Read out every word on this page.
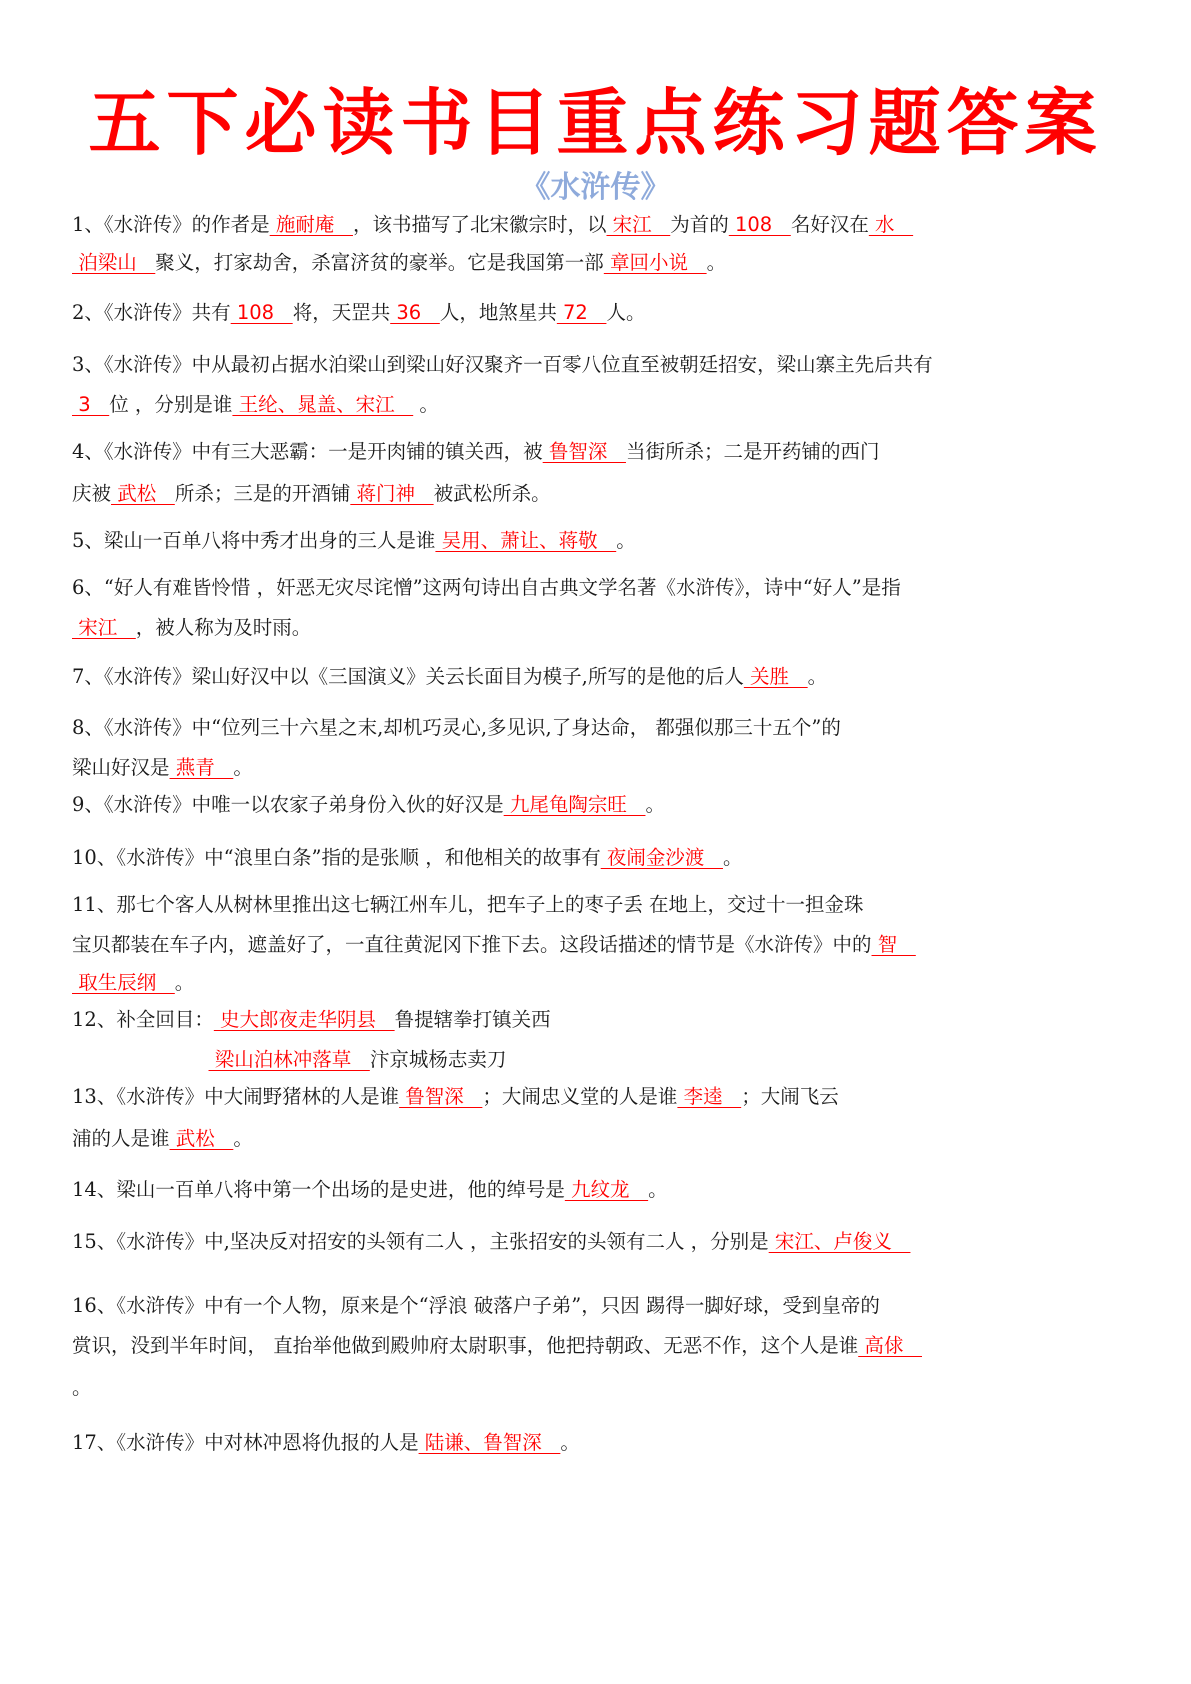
五下必读书目重点练习题答案
《水浒传》
1、《水浒传》的作者是 施耐庵   ，该书描写了北宋徽宗时，以 宋江   为首的 108   名好汉在 水
泊梁山   聚义，打家劫舍，杀富济贫的豪举。它是我国第一部 章回小说   。
2、《水浒传》共有 108   将，天罡共 36   人，地煞星共 72   人。
3、《水浒传》中从最初占据水泊梁山到梁山好汉聚齐一百零八位直至被朝廷招安，梁山寨主先后共有
3   位 ，分别是谁 王纶、晁盖、宋江    。
4、《水浒传》中有三大恶霸：一是开肉铺的镇关西，被 鲁智深   当街所杀；二是开药铺的西门
庆被 武松   所杀；三是的开酒铺 蒋门神   被武松所杀。
5、梁山一百单八将中秀才出身的三人是谁 吴用、萧让、蒋敬   。
6、“好人有难皆怜惜 ，奸恶无灾尽诧憎”这两句诗出自古典文学名著《水浒传》，诗中“好人”是指
宋江   ，被人称为及时雨。
7、《水浒传》梁山好汉中以《三国演义》关云长面目为模子,所写的是他的后人 关胜   。
8、《水浒传》中“位列三十六星之末,却机巧灵心,多见识,了身达命， 都强似那三十五个”的
梁山好汉是 燕青   。
9、《水浒传》中唯一以农家子弟身份入伙的好汉是 九尾龟陶宗旺   。
10、《水浒传》中“浪里白条”指的是张顺 ，和他相关的故事有 夜闹金沙渡   。
11、那七个客人从树林里推出这七辆江州车儿，把车子上的枣子丢 在地上，交过十一担金珠
宝贝都装在车子内，遮盖好了，一直往黄泥冈下推下去。这段话描述的情节是《水浒传》中的 智
取生辰纲   。
12、补全回目： 史大郎夜走华阴县   鲁提辖拳打镇关西
　　　　　　　 梁山泊林冲落草   汴京城杨志卖刀
13、《水浒传》中大闹野猪林的人是谁 鲁智深   ；大闹忠义堂的人是谁 李逵   ；大闹飞云
浦的人是谁 武松   。
14、梁山一百单八将中第一个出场的是史进，他的绰号是 九纹龙   。
15、《水浒传》中,坚决反对招安的头领有二人 ，主张招安的头领有二人 ，分别是 宋江、卢俊义
16、《水浒传》中有一个人物，原来是个“浮浪 破落户子弟”，只因 踢得一脚好球，受到皇帝的
赏识，没到半年时间， 直抬举他做到殿帅府太尉职事，他把持朝政、无恶不作，这个人是谁 高俅
。
17、《水浒传》中对林冲恩将仇报的人是 陆谦、鲁智深   。
